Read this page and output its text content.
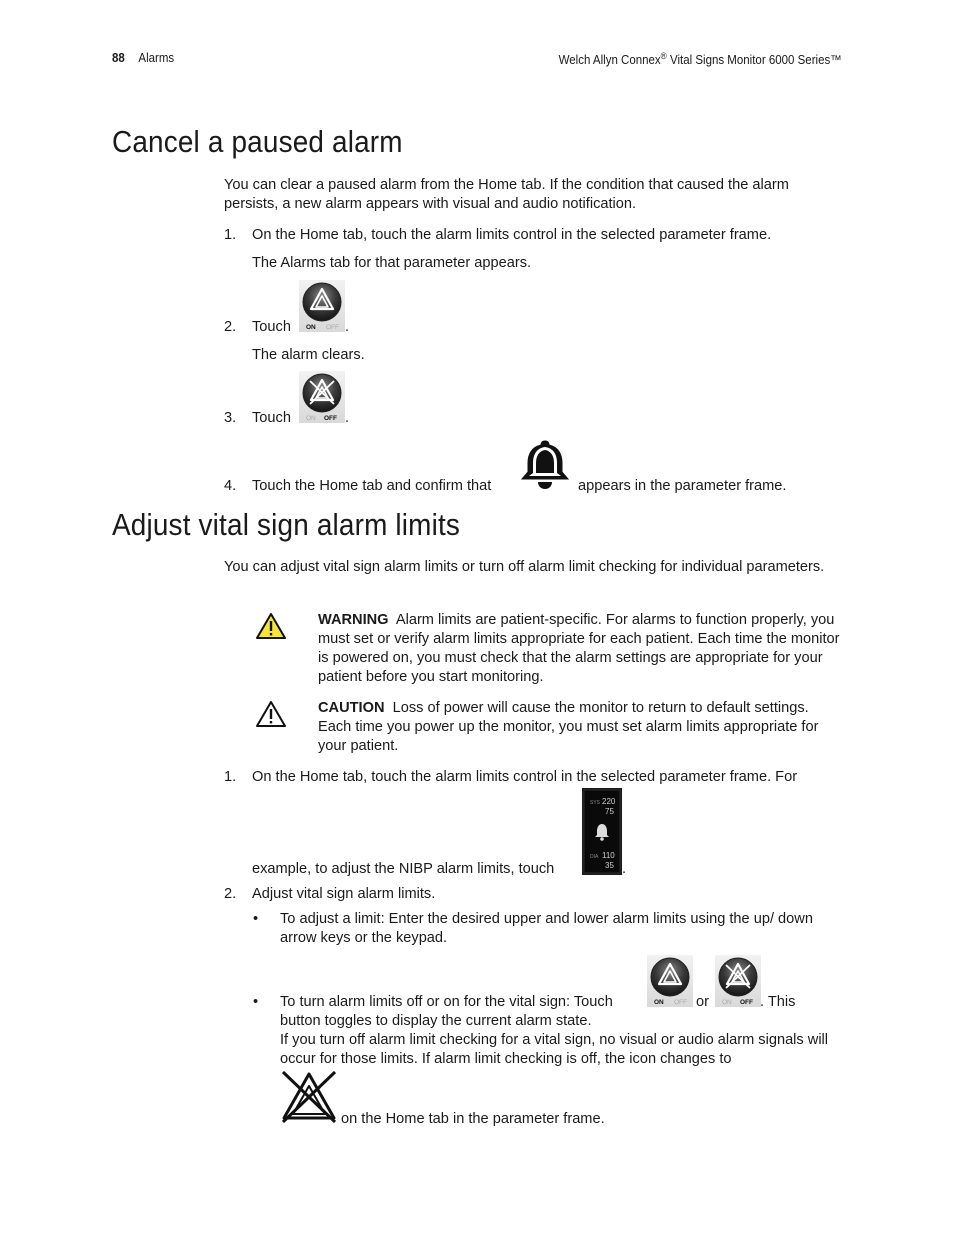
88 Alarms	Welch Allyn Connex® Vital Signs Monitor 6000 Series™
Cancel a paused alarm
You can clear a paused alarm from the Home tab. If the condition that caused the alarm persists, a new alarm appears with visual and audio notification.
1. On the Home tab, touch the alarm limits control in the selected parameter frame.
The Alarms tab for that parameter appears.
2. Touch ON OFF .
The alarm clears.
3. Touch ON OFF .
4. Touch the Home tab and confirm that	appears in the parameter frame.
Adjust vital sign alarm limits
You can adjust vital sign alarm limits or turn off alarm limit checking for individual parameters.
WARNING Alarm limits are patient-specific. For alarms to function properly, you must set or verify alarm limits appropriate for each patient. Each time the monitor is powered on, you must check that the alarm settings are appropriate for your patient before you start monitoring.
CAUTION Loss of power will cause the monitor to return to default settings. Each time you power up the monitor, you must set alarm limits appropriate for your patient.
1. On the Home tab, touch the alarm limits control in the selected parameter frame. For
example, to adjust the NIBP alarm limits, touch
SYS 220
75
DIA 110
35 .
2. Adjust vital sign alarm limits.
• To adjust a limit: Enter the desired upper and lower alarm limits using the up/ down arrow keys or the keypad.
• To turn alarm limits off or on for the vital sign: Touch	ON OFF or ON OFF . This
button toggles to display the current alarm state.
If you turn off alarm limit checking for a vital sign, no visual or audio alarm signals will occur for those limits. If alarm limit checking is off, the icon changes to
on the Home tab in the parameter frame.
